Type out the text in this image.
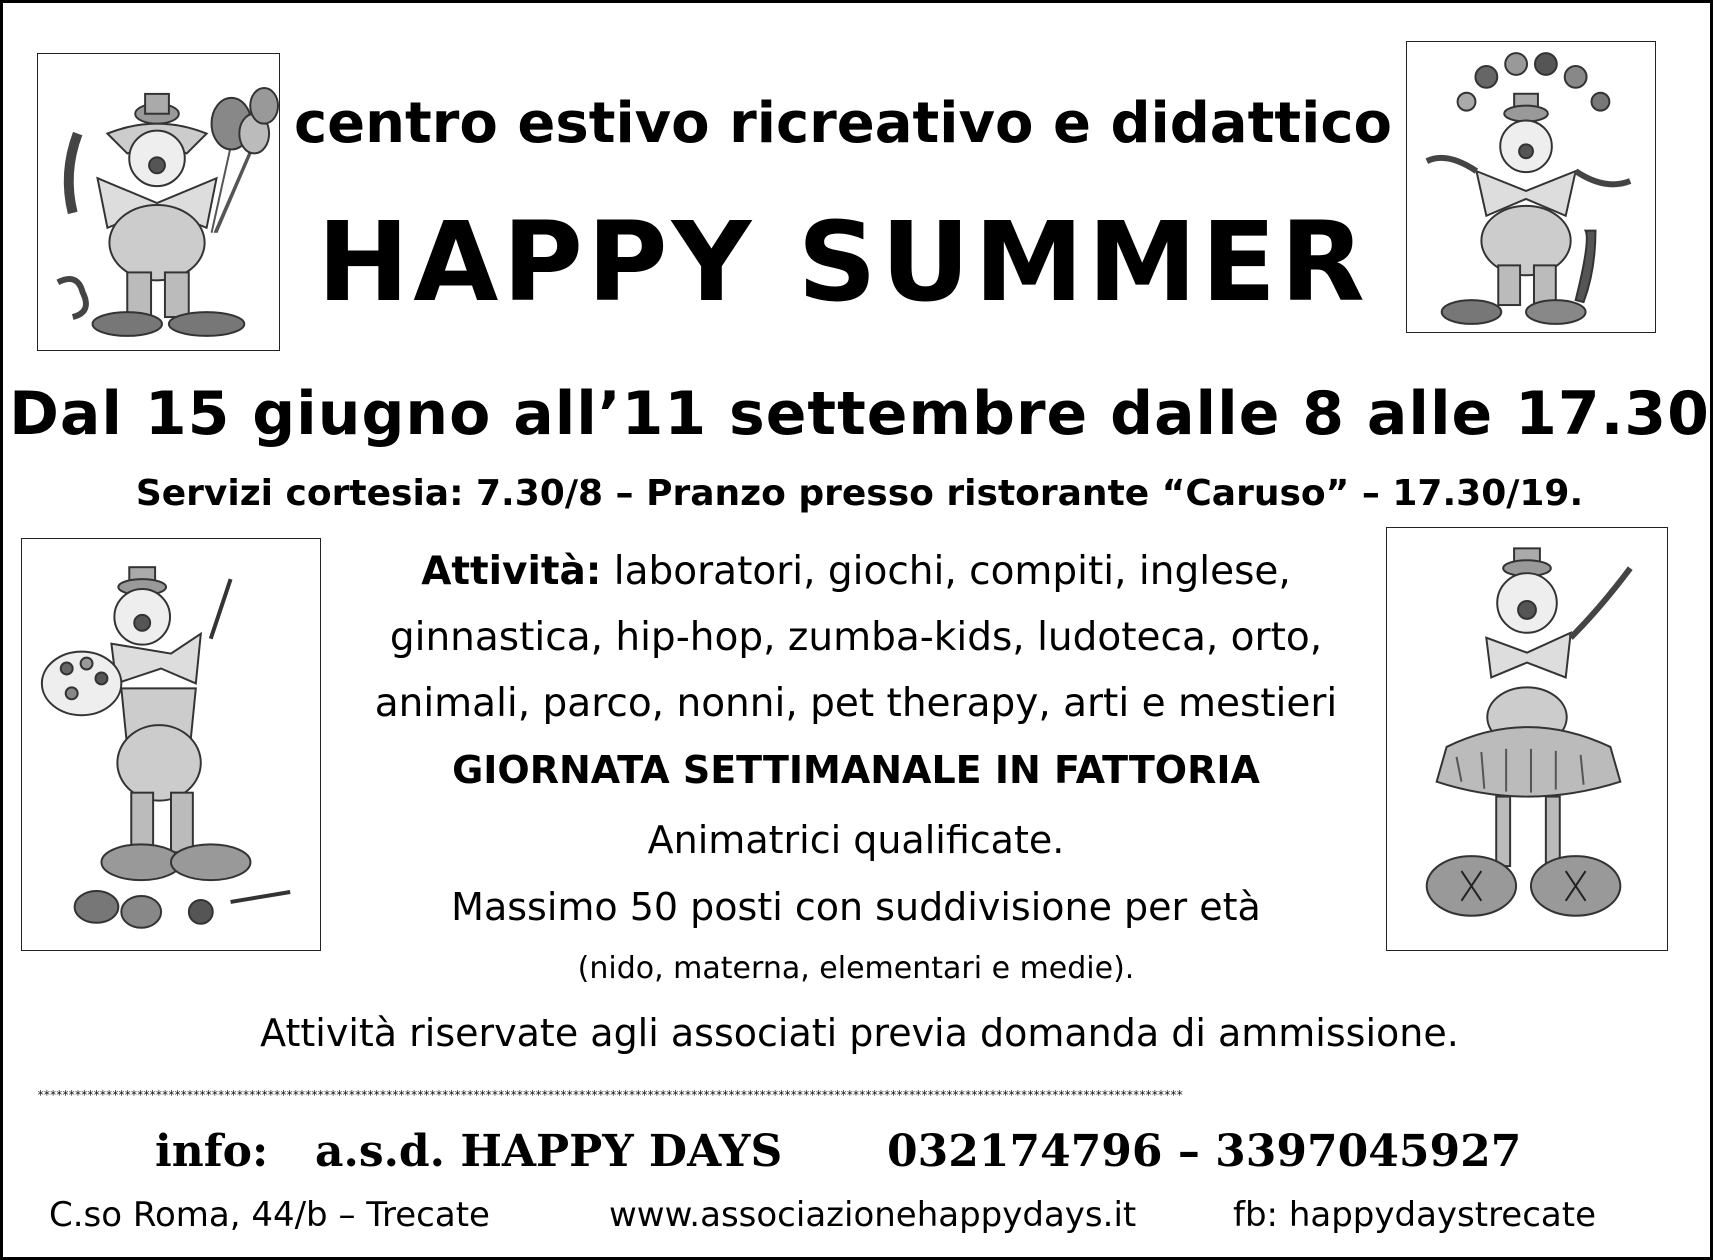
centro estivo ricreativo e didattico
HAPPY SUMMER
Dal 15 giugno all’11 settembre dalle 8 alle 17.30
Servizi cortesia: 7.30/8 – Pranzo presso ristorante “Caruso” – 17.30/19.
Attività: laboratori, giochi, compiti, inglese,
ginnastica, hip-hop, zumba-kids, ludoteca, orto,
animali, parco, nonni, pet therapy, arti e mestieri
GIORNATA SETTIMANALE IN FATTORIA
Animatrici qualificate.
Massimo 50 posti con suddivisione per età
(nido, materna, elementari e medie).
Attività riservate agli associati previa domanda di ammissione.
****************************************************************************************************************************************************************************************
info: a.s.d. HAPPY DAYS 032174796 – 3397045927
C.so Roma, 44/b – Trecate	www.associazionehappydays.it	fb: happydaystrecate
